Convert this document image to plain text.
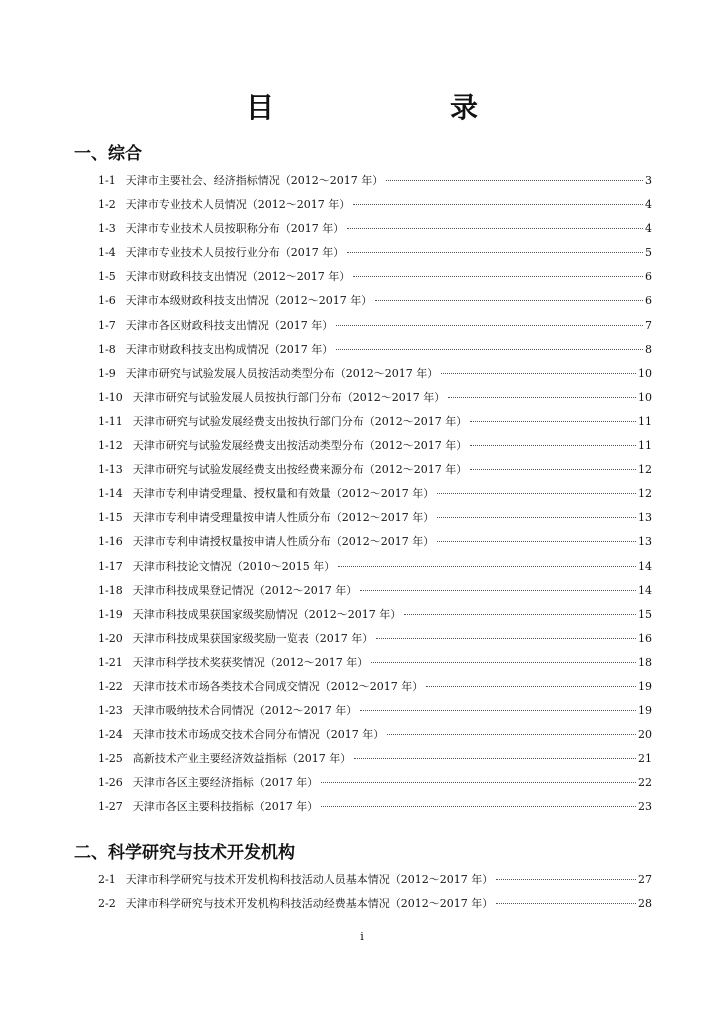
目　　录
一、综合
1-1 天津市主要社会、经济指标情况（2012～2017 年）	3
1-2 天津市专业技术人员情况（2012～2017 年）	4
1-3 天津市专业技术人员按职称分布（2017 年）	4
1-4 天津市专业技术人员按行业分布（2017 年）	5
1-5 天津市财政科技支出情况（2012～2017 年）	6
1-6 天津市本级财政科技支出情况（2012～2017 年）	6
1-7 天津市各区财政科技支出情况（2017 年）	7
1-8 天津市财政科技支出构成情况（2017 年）	8
1-9 天津市研究与试验发展人员按活动类型分布（2012～2017 年）	10
1-10 天津市研究与试验发展人员按执行部门分布（2012～2017 年）	10
1-11 天津市研究与试验发展经费支出按执行部门分布（2012～2017 年）	11
1-12 天津市研究与试验发展经费支出按活动类型分布（2012～2017 年）	11
1-13 天津市研究与试验发展经费支出按经费来源分布（2012～2017 年）	12
1-14 天津市专利申请受理量、授权量和有效量（2012～2017 年）	12
1-15 天津市专利申请受理量按申请人性质分布（2012～2017 年）	13
1-16 天津市专利申请授权量按申请人性质分布（2012～2017 年）	13
1-17 天津市科技论文情况（2010～2015 年）	14
1-18 天津市科技成果登记情况（2012～2017 年）	14
1-19 天津市科技成果获国家级奖励情况（2012～2017 年）	15
1-20 天津市科技成果获国家级奖励一览表（2017 年）	16
1-21 天津市科学技术奖获奖情况（2012～2017 年）	18
1-22 天津市技术市场各类技术合同成交情况（2012～2017 年）	19
1-23 天津市吸纳技术合同情况（2012～2017 年）	19
1-24 天津市技术市场成交技术合同分布情况（2017 年）	20
1-25 高新技术产业主要经济效益指标（2017 年）	21
1-26 天津市各区主要经济指标（2017 年）	22
1-27 天津市各区主要科技指标（2017 年）	23
二、科学研究与技术开发机构
2-1 天津市科学研究与技术开发机构科技活动人员基本情况（2012～2017 年）	27
2-2 天津市科学研究与技术开发机构科技活动经费基本情况（2012～2017 年）	28
i
